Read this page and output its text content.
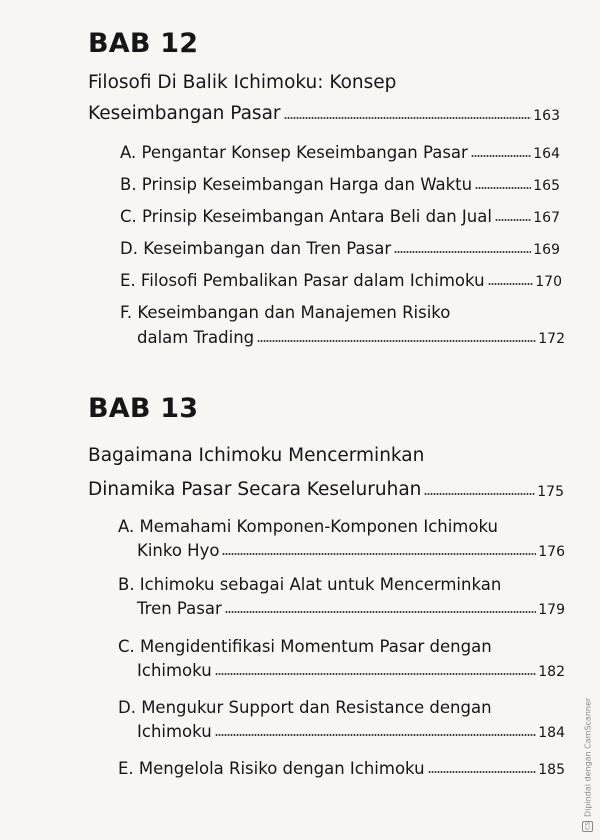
BAB 12
Filosofi Di Balik Ichimoku: Konsep
Keseimbangan Pasar	163
A. Pengantar Konsep Keseimbangan Pasar	164
B. Prinsip Keseimbangan Harga dan Waktu	165
C. Prinsip Keseimbangan Antara Beli dan Jual	167
D. Keseimbangan dan Tren Pasar	169
E. Filosofi Pembalikan Pasar dalam Ichimoku	170
F. Keseimbangan dan Manajemen Risiko
dalam Trading	172
BAB 13
Bagaimana Ichimoku Mencerminkan
Dinamika Pasar Secara Keseluruhan	175
A. Memahami Komponen-Komponen Ichimoku
Kinko Hyo	176
B. Ichimoku sebagai Alat untuk Mencerminkan
Tren Pasar	179
C. Mengidentifikasi Momentum Pasar dengan
Ichimoku	182
D. Mengukur Support dan Resistance dengan
Ichimoku	184
E. Mengelola Risiko dengan Ichimoku	185
CS
Dipindai dengan CamScanner
